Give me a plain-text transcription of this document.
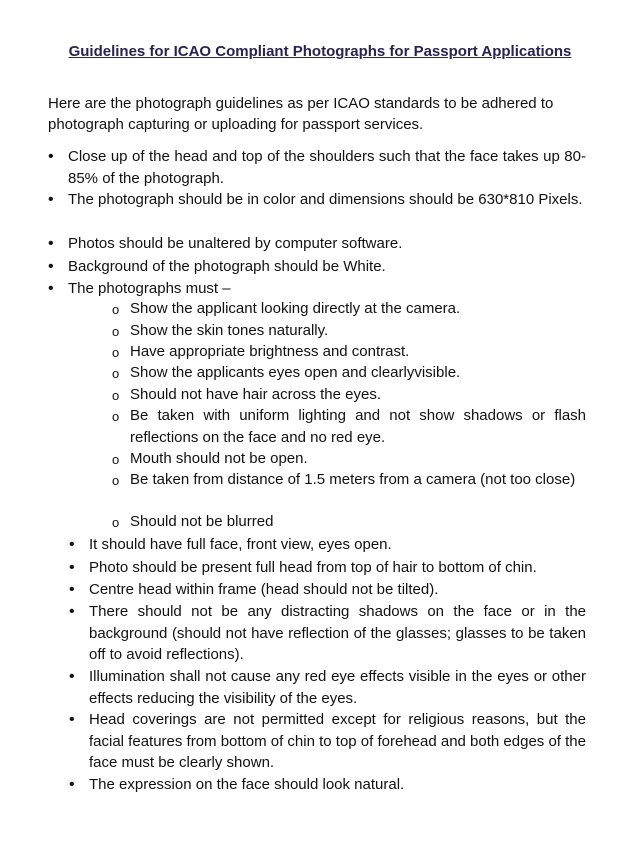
Guidelines for ICAO Compliant Photographs for Passport Applications
Here are the photograph guidelines as per ICAO standards to be adhered to photograph capturing or uploading for passport services.
• Close up of the head and top of the shoulders such that the face takes up 80-85% of the photograph.
• The photograph should be in color and dimensions should be 630*810 Pixels.
• Photos should be unaltered by computer software.
• Background of the photograph should be White.
• The photographs must –
o Show the applicant looking directly at the camera.
o Show the skin tones naturally.
o Have appropriate brightness and contrast.
o Show the applicants eyes open and clearlyvisible.
o Should not have hair across the eyes.
o Be taken with uniform lighting and not show shadows or flash reflections on the face and no red eye.
o Mouth should not be open.
o Be taken from distance of 1.5 meters from a camera (not too close)
o Should not be blurred
• It should have full face, front view, eyes open.
• Photo should be present full head from top of hair to bottom of chin.
• Centre head within frame (head should not be tilted).
• There should not be any distracting shadows on the face or in the background (should not have reflection of the glasses; glasses to be taken off to avoid reflections).
• Illumination shall not cause any red eye effects visible in the eyes or other effects reducing the visibility of the eyes.
• Head coverings are not permitted except for religious reasons, but the facial features from bottom of chin to top of forehead and both edges of the face must be clearly shown.
• The expression on the face should look natural.
